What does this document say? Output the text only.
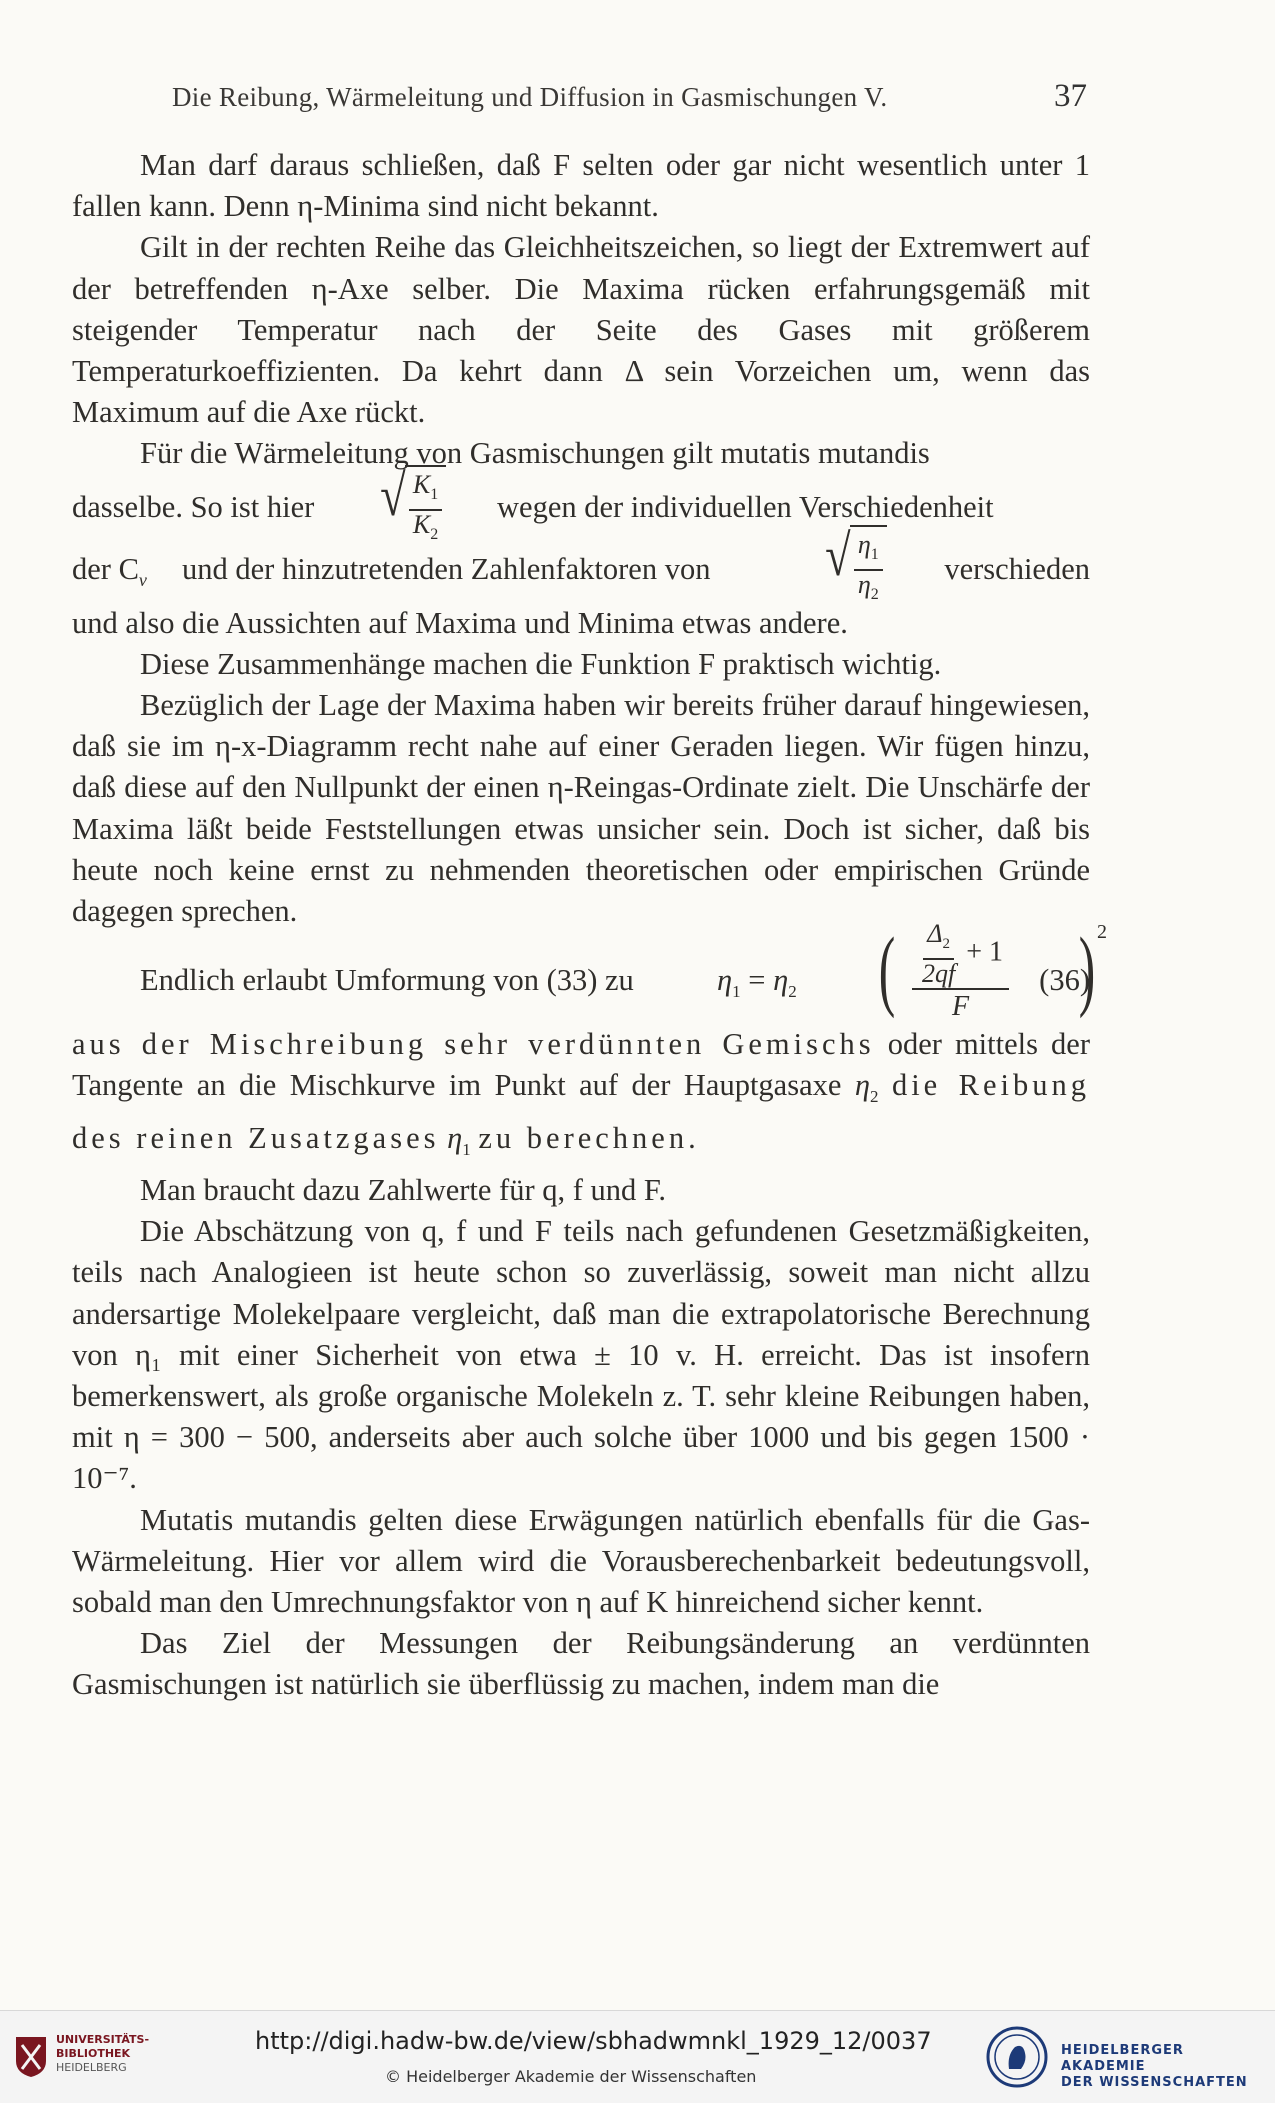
Die Reibung, Wärmeleitung und Diffusion in Gasmischungen V.	37

Man darf daraus schließen, daß F selten oder gar nicht wesentlich unter 1 fallen kann. Denn η-Minima sind nicht bekannt.

Gilt in der rechten Reihe das Gleichheitszeichen, so liegt der Extremwert auf der betreffenden η-Axe selber. Die Maxima rücken erfahrungsgemäß mit steigender Temperatur nach der Seite des Gases mit größerem Temperaturkoeffizienten. Da kehrt dann Δ sein Vorzeichen um, wenn das Maximum auf die Axe rückt.

Für die Wärmeleitung von Gasmischungen gilt mutatis mutandis

dasselbe. So ist hier √ $\frac{K_1}{K_2}$ wegen der individuellen Verschiedenheit
der $C_v$ und der hinzutretenden Zahlenfaktoren von √ $\frac{\eta_1}{\eta_2}$ verschieden

und also die Aussichten auf Maxima und Minima etwas andere.

Diese Zusammenhänge machen die Funktion F praktisch wichtig.

Bezüglich der Lage der Maxima haben wir bereits früher darauf hingewiesen, daß sie im η-x-Diagramm recht nahe auf einer Geraden liegen. Wir fügen hinzu, daß diese auf den Nullpunkt der einen η-Reingas-Ordinate zielt. Die Unschärfe der Maxima läßt beide Feststellungen etwas unsicher sein. Doch ist sicher, daß bis heute noch keine ernst zu nehmenden theoretischen oder empirischen Gründe dagegen sprechen.

Endlich erlaubt Umformung von (33) zu	$\eta_1 = \eta_2$ ( $\frac{\frac{\Delta_2}{2qf} + 1}{F}$ ) 2
(36)

aus der Mischreibung sehr verdünnten Gemischs oder mittels der Tangente an die Mischkurve im Punkt auf der Hauptgasaxe $\eta_2$ die Reibung des reinen Zusatzgases $\eta_1$ zu berechnen.

Man braucht dazu Zahlwerte für q, f und F.

Die Abschätzung von q, f und F teils nach gefundenen Gesetzmäßigkeiten, teils nach Analogieen ist heute schon so zuverlässig, soweit man nicht allzu andersartige Molekelpaare vergleicht, daß man die extrapolatorische Berechnung von η₁ mit einer Sicherheit von etwa ± 10 v. H. erreicht. Das ist insofern bemerkenswert, als große organische Molekeln z. T. sehr kleine Reibungen haben, mit η = 300 − 500, anderseits aber auch solche über 1000 und bis gegen 1500 · 10⁻⁷.

Mutatis mutandis gelten diese Erwägungen natürlich ebenfalls für die Gas-Wärmeleitung. Hier vor allem wird die Vorausberechenbarkeit bedeutungsvoll, sobald man den Umrechnungsfaktor von η auf K hinreichend sicher kennt.

Das Ziel der Messungen der Reibungsänderung an verdünnten Gasmischungen ist natürlich sie überflüssig zu machen, indem man die

UNIVERSITÄTS-
BIBLIOTHEK
HEIDELBERG
http://digi.hadw-bw.de/view/sbhadwmnkl_1929_12/0037
© Heidelberger Akademie der Wissenschaften
HEIDELBERGER AKADEMIE
DER WISSENSCHAFTEN
